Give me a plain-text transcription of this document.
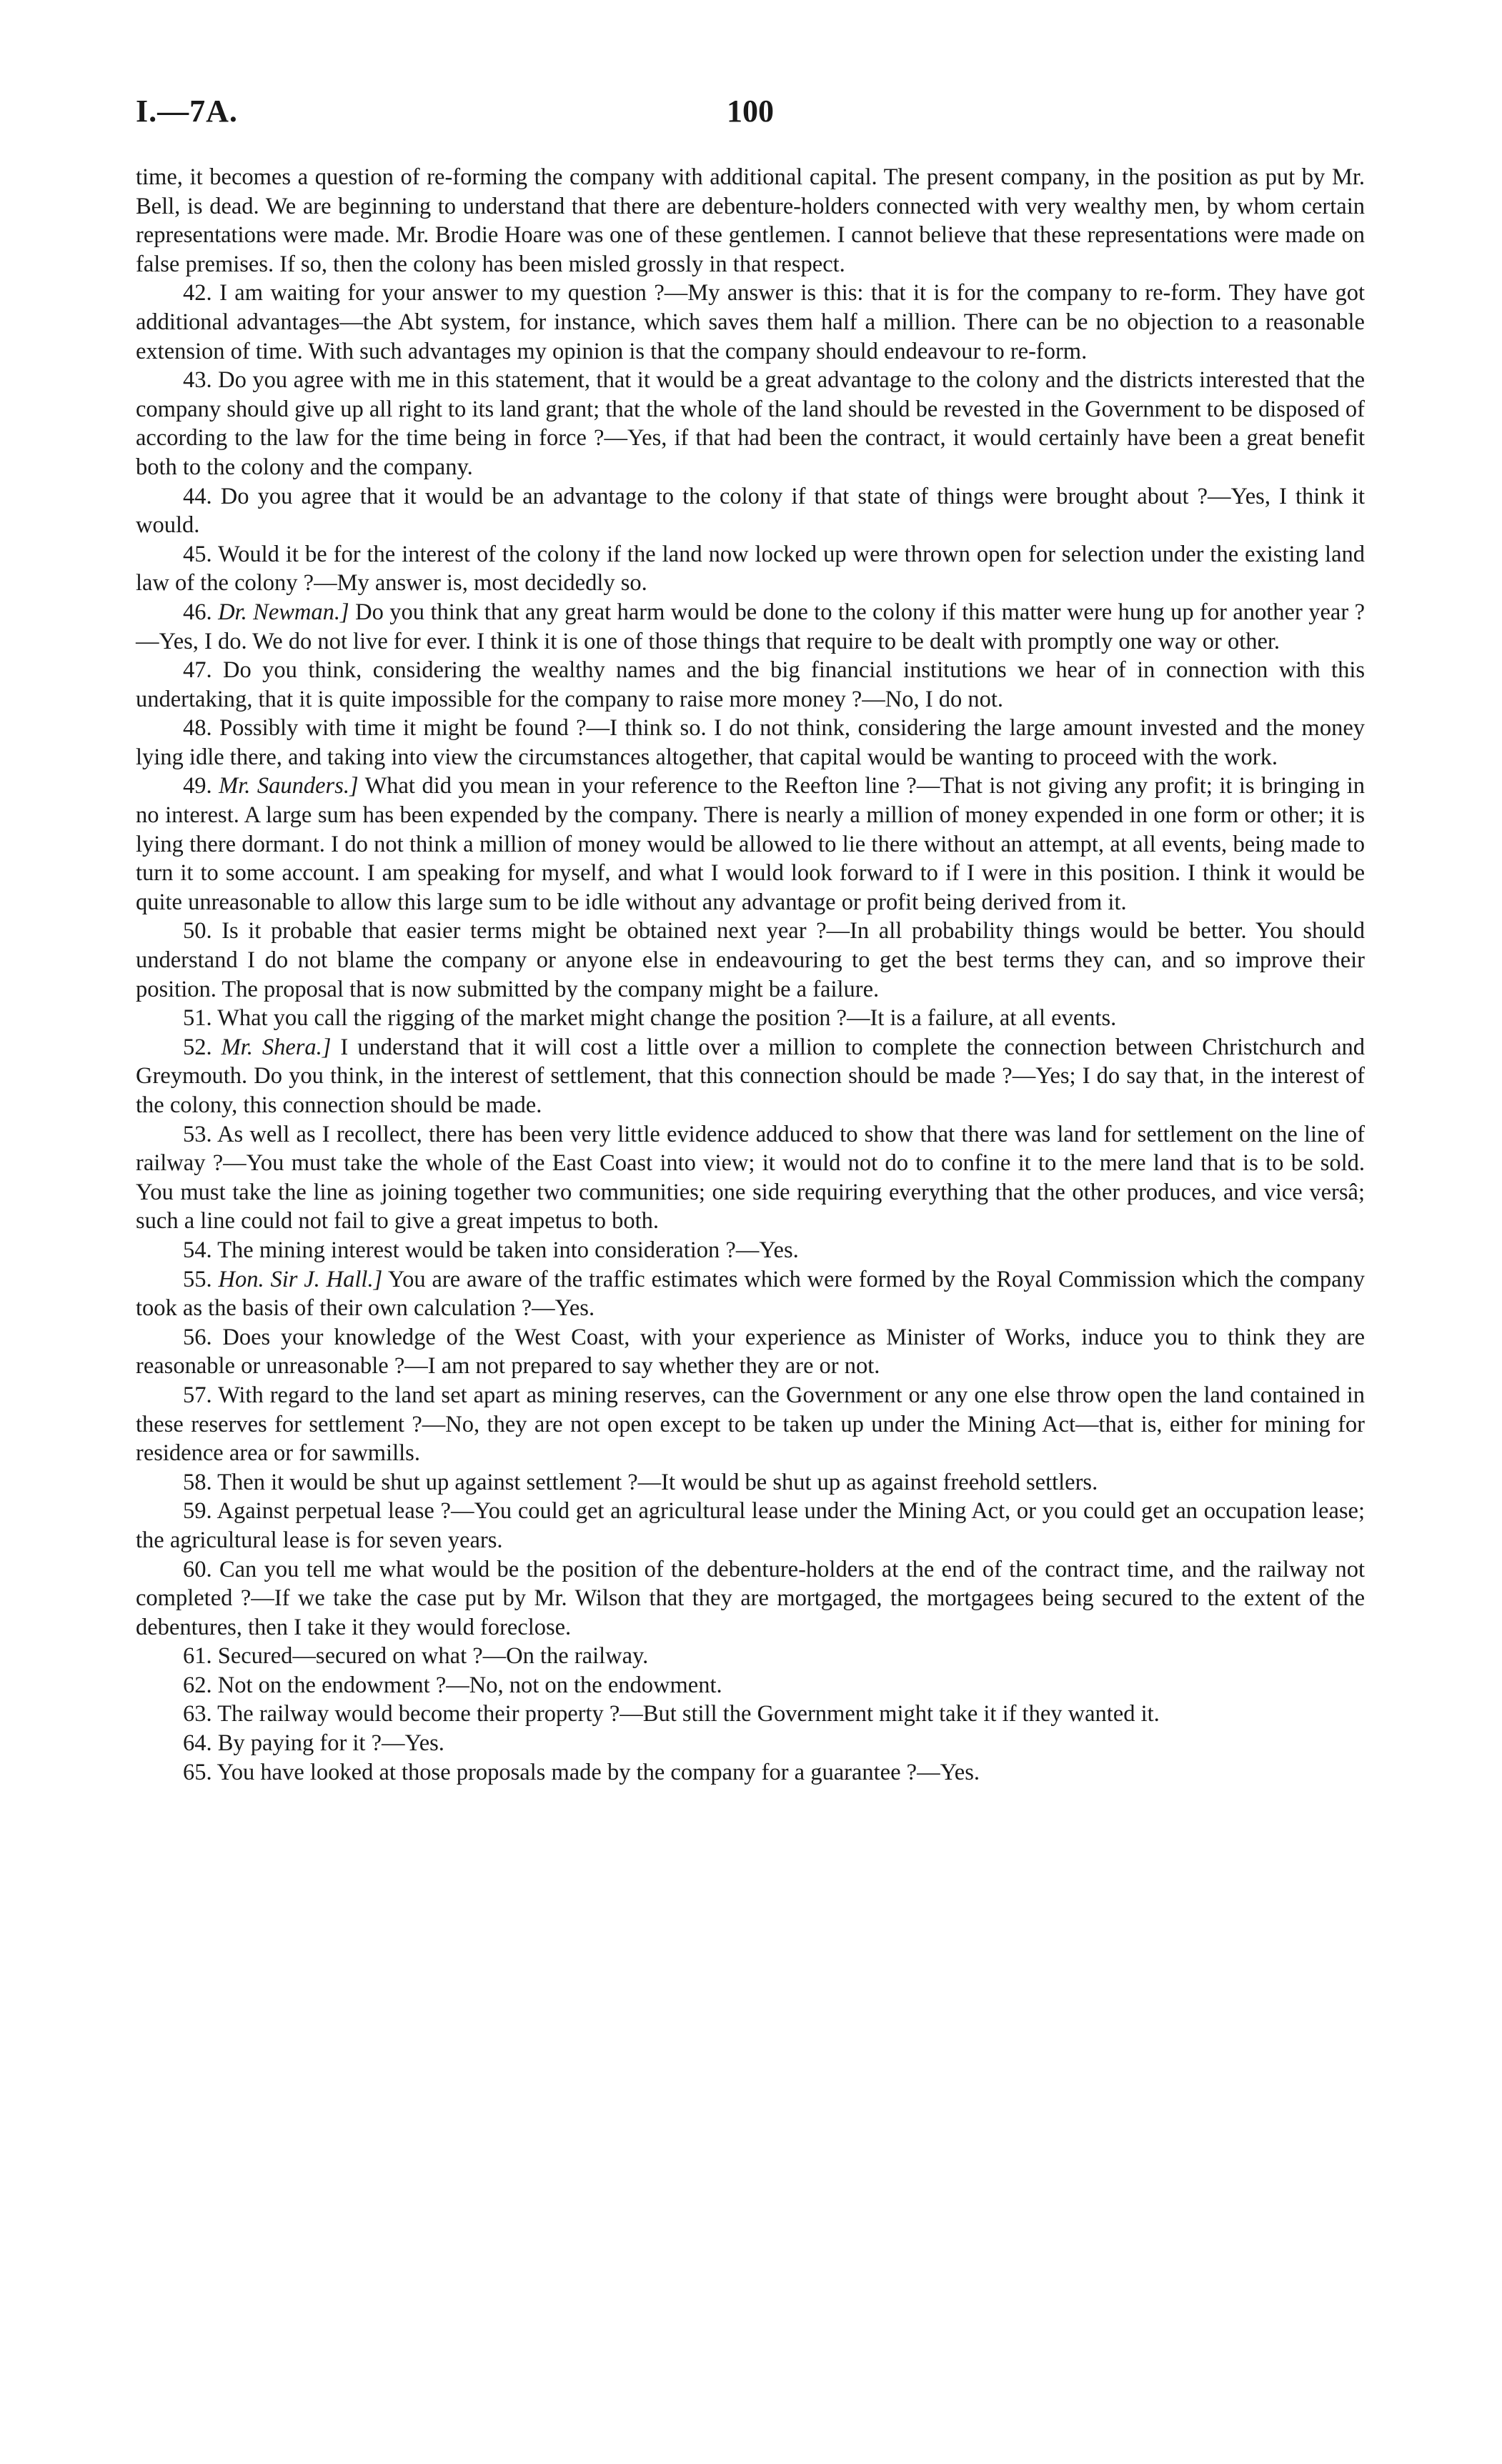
I.—7A.	100

time, it becomes a question of re-forming the company with additional capital. The present company, in the position as put by Mr. Bell, is dead. We are beginning to understand that there are debenture-holders connected with very wealthy men, by whom certain representations were made. Mr. Brodie Hoare was one of these gentlemen. I cannot believe that these representations were made on false premises. If so, then the colony has been misled grossly in that respect.

42. I am waiting for your answer to my question ?—My answer is this: that it is for the company to re-form. They have got additional advantages—the Abt system, for instance, which saves them half a million. There can be no objection to a reasonable extension of time. With such advantages my opinion is that the company should endeavour to re-form.

43. Do you agree with me in this statement, that it would be a great advantage to the colony and the districts interested that the company should give up all right to its land grant; that the whole of the land should be revested in the Government to be disposed of according to the law for the time being in force ?—Yes, if that had been the contract, it would certainly have been a great benefit both to the colony and the company.

44. Do you agree that it would be an advantage to the colony if that state of things were brought about ?—Yes, I think it would.

45. Would it be for the interest of the colony if the land now locked up were thrown open for selection under the existing land law of the colony ?—My answer is, most decidedly so.

46. Dr. Newman.] Do you think that any great harm would be done to the colony if this matter were hung up for another year ?—Yes, I do. We do not live for ever. I think it is one of those things that require to be dealt with promptly one way or other.

47. Do you think, considering the wealthy names and the big financial institutions we hear of in connection with this undertaking, that it is quite impossible for the company to raise more money ?—No, I do not.

48. Possibly with time it might be found ?—I think so. I do not think, considering the large amount invested and the money lying idle there, and taking into view the circumstances altogether, that capital would be wanting to proceed with the work.

49. Mr. Saunders.] What did you mean in your reference to the Reefton line ?—That is not giving any profit; it is bringing in no interest. A large sum has been expended by the company. There is nearly a million of money expended in one form or other; it is lying there dormant. I do not think a million of money would be allowed to lie there without an attempt, at all events, being made to turn it to some account. I am speaking for myself, and what I would look forward to if I were in this position. I think it would be quite unreasonable to allow this large sum to be idle without any advantage or profit being derived from it.

50. Is it probable that easier terms might be obtained next year ?—In all probability things would be better. You should understand I do not blame the company or anyone else in endeavouring to get the best terms they can, and so improve their position. The proposal that is now submitted by the company might be a failure.

51. What you call the rigging of the market might change the position ?—It is a failure, at all events.

52. Mr. Shera.] I understand that it will cost a little over a million to complete the connection between Christchurch and Greymouth. Do you think, in the interest of settlement, that this connection should be made ?—Yes; I do say that, in the interest of the colony, this connection should be made.

53. As well as I recollect, there has been very little evidence adduced to show that there was land for settlement on the line of railway ?—You must take the whole of the East Coast into view; it would not do to confine it to the mere land that is to be sold. You must take the line as joining together two communities; one side requiring everything that the other produces, and vice versâ; such a line could not fail to give a great impetus to both.

54. The mining interest would be taken into consideration ?—Yes.

55. Hon. Sir J. Hall.] You are aware of the traffic estimates which were formed by the Royal Commission which the company took as the basis of their own calculation ?—Yes.

56. Does your knowledge of the West Coast, with your experience as Minister of Works, induce you to think they are reasonable or unreasonable ?—I am not prepared to say whether they are or not.

57. With regard to the land set apart as mining reserves, can the Government or any one else throw open the land contained in these reserves for settlement ?—No, they are not open except to be taken up under the Mining Act—that is, either for mining for residence area or for sawmills.

58. Then it would be shut up against settlement ?—It would be shut up as against freehold settlers.

59. Against perpetual lease ?—You could get an agricultural lease under the Mining Act, or you could get an occupation lease; the agricultural lease is for seven years.

60. Can you tell me what would be the position of the debenture-holders at the end of the contract time, and the railway not completed ?—If we take the case put by Mr. Wilson that they are mortgaged, the mortgagees being secured to the extent of the debentures, then I take it they would foreclose.

61. Secured—secured on what ?—On the railway.

62. Not on the endowment ?—No, not on the endowment.

63. The railway would become their property ?—But still the Government might take it if they wanted it.

64. By paying for it ?—Yes.

65. You have looked at those proposals made by the company for a guarantee ?—Yes.
